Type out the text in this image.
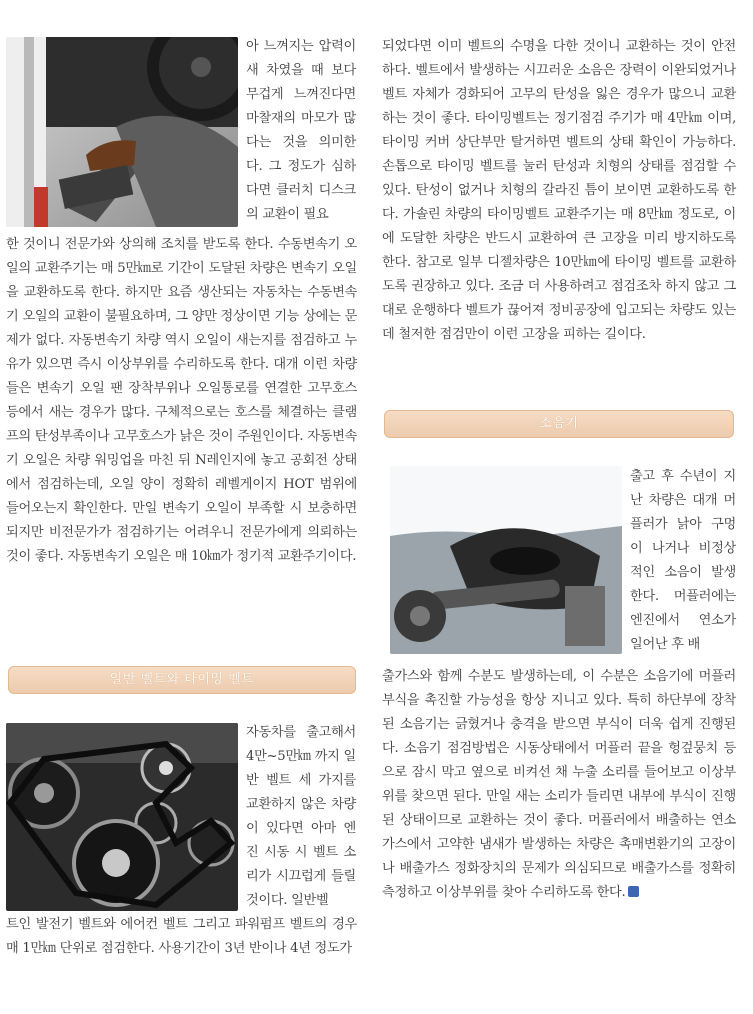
아 느껴지는 압력이 새 차였을 때 보다 무겁게 느껴진다면 마찰재의 마모가 많다는 것을 의미한다. 그 정도가 심하다면 클러치 디스크의 교환이 필요

한 것이니 전문가와 상의해 조치를 받도록 한다. 수동변속기 오일의 교환주기는 매 5만㎞로 기간이 도달된 차량은 변속기 오일을 교환하도록 한다. 하지만 요즘 생산되는 자동차는 수동변속기 오일의 교환이 불필요하며, 그 양만 정상이면 기능 상에는 문제가 없다. 자동변속기 차량 역시 오일이 새는지를 점검하고 누유가 있으면 즉시 이상부위를 수리하도록 한다. 대개 이런 차량들은 변속기 오일 팬 장착부위나 오일통로를 연결한 고무호스 등에서 새는 경우가 많다. 구체적으로는 호스를 체결하는 클램프의 탄성부족이나 고무호스가 낡은 것이 주원인이다. 자동변속기 오일은 차량 워밍업을 마친 뒤 N레인지에 놓고 공회전 상태에서 점검하는데, 오일 양이 정확히 레벨게이지 HOT 범위에 들어오는지 확인한다. 만일 변속기 오일이 부족할 시 보충하면 되지만 비전문가가 점검하기는 어려우니 전문가에게 의뢰하는 것이 좋다. 자동변속기 오일은 매 10㎞가 정기적 교환주기이다.

일반 벨트와 타이밍 벨트

자동차를 출고해서 4만~5만㎞ 까지 일반 벨트 세 가지를 교환하지 않은 차량이 있다면 아마 엔진 시동 시 벨트 소리가 시끄럽게 들릴 것이다. 일반벨

트인 발전기 벨트와 에어컨 벨트 그리고 파워펌프 벨트의 경우 매 1만㎞ 단위로 점검한다. 사용기간이 3년 반이나 4년 정도가

되었다면 이미 벨트의 수명을 다한 것이니 교환하는 것이 안전하다. 벨트에서 발생하는 시끄러운 소음은 장력이 이완되었거나 벨트 자체가 경화되어 고무의 탄성을 잃은 경우가 많으니 교환하는 것이 좋다. 타이밍벨트는 정기점검 주기가 매 4만㎞ 이며, 타이밍 커버 상단부만 탈거하면 벨트의 상태 확인이 가능하다. 손톱으로 타이밍 벨트를 눌러 탄성과 치형의 상태를 점검할 수 있다. 탄성이 없거나 치형의 갈라진 틈이 보이면 교환하도록 한다. 가솔린 차량의 타이밍벨트 교환주기는 매 8만㎞ 정도로, 이에 도달한 차량은 반드시 교환하여 큰 고장을 미리 방지하도록 한다. 참고로 일부 디젤차량은 10만㎞에 타이밍 벨트를 교환하도록 권장하고 있다. 조금 더 사용하려고 점검조차 하지 않고 그대로 운행하다 벨트가 끊어져 정비공장에 입고되는 차량도 있는데 철저한 점검만이 이런 고장을 피하는 길이다.

소음기

출고 후 수년이 지난 차량은 대개 머플러가 낡아 구멍이 나거나 비정상적인 소음이 발생한다. 머플러에는 엔진에서 연소가 일어난 후 배

출가스와 함께 수분도 발생하는데, 이 수분은 소음기에 머플러 부식을 촉진할 가능성을 항상 지니고 있다. 특히 하단부에 장착된 소음기는 긁혔거나 충격을 받으면 부식이 더욱 쉽게 진행된다. 소음기 점검방법은 시동상태에서 머플러 끝을 헝겊뭉치 등으로 잠시 막고 옆으로 비켜선 채 누출 소리를 들어보고 이상부위를 찾으면 된다. 만일 새는 소리가 들리면 내부에 부식이 진행된 상태이므로 교환하는 것이 좋다. 머플러에서 배출하는 연소가스에서 고약한 냄새가 발생하는 차량은 촉매변환기의 고장이나 배출가스 정화장치의 문제가 의심되므로 배출가스를 정확히 측정하고 이상부위를 찾아 수리하도록 한다.
